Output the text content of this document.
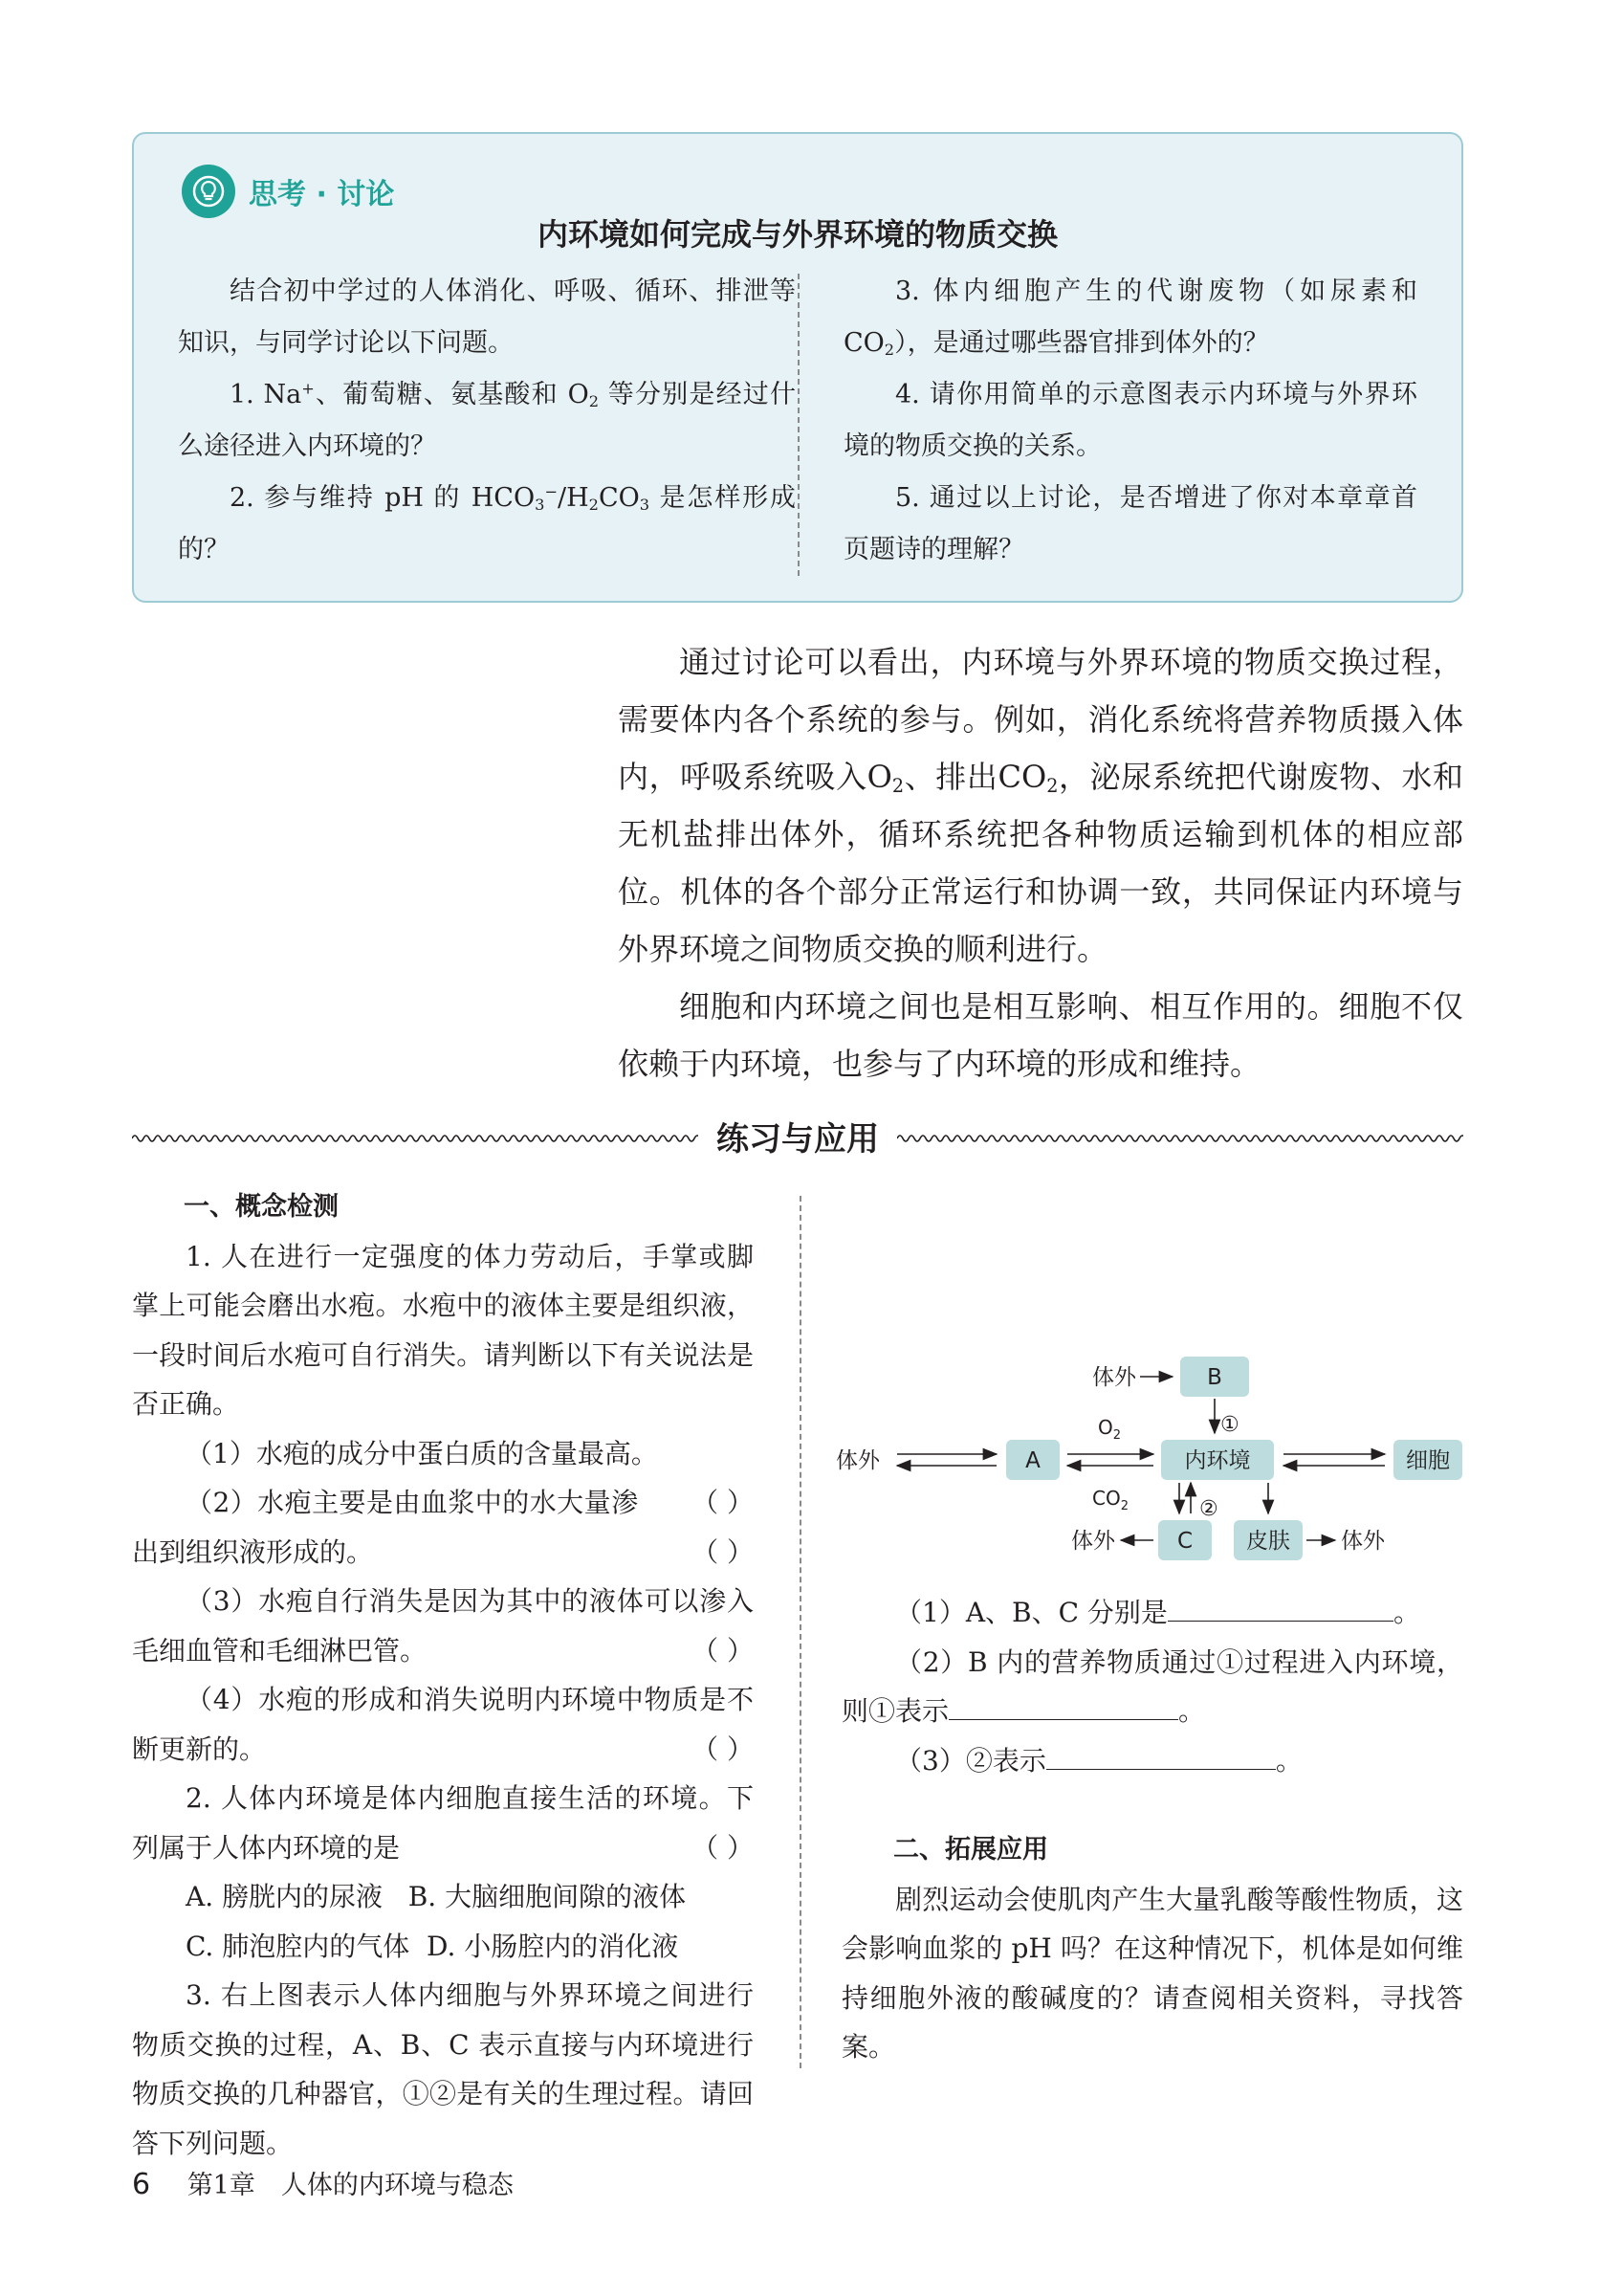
思考 · 讨论
内环境如何完成与外界环境的物质交换

结合初中学过的人体消化、呼吸、循环、排泄等知识，与同学讨论以下问题。

1. Na+、葡萄糖、氨基酸和 $O_2$ 等分别是经过什么途径进入内环境的？

2. 参与维持 pH 的 $HCO_3^-/H_2CO_3$ 是怎样形成的？

3. 体内细胞产生的代谢废物（如尿素和 $CO_2$），是通过哪些器官排到体外的？

4. 请你用简单的示意图表示内环境与外界环境的物质交换的关系。

5. 通过以上讨论，是否增进了你对本章章首页题诗的理解？

通过讨论可以看出，内环境与外界环境的物质交换过程，需要体内各个系统的参与。例如，消化系统将营养物质摄入体内，呼吸系统吸入$O_2$、排出$CO_2$，泌尿系统把代谢废物、水和无机盐排出体外，循环系统把各种物质运输到机体的相应部位。机体的各个部分正常运行和协调一致，共同保证内环境与外界环境之间物质交换的顺利进行。

细胞和内环境之间也是相互影响、相互作用的。细胞不仅依赖于内环境，也参与了内环境的形成和维持。

练习与应用

一、概念检测

1. 人在进行一定强度的体力劳动后，手掌或脚掌上可能会磨出水疱。水疱中的液体主要是组织液，一段时间后水疱可自行消失。请判断以下有关说法是否正确。

（1）水疱的成分中蛋白质的含量最高。
（ ）

（2）水疱主要是由血浆中的水大量渗出到组织液形成的。	（ ）

（3）水疱自行消失是因为其中的液体可以渗入毛细血管和毛细淋巴管。	（ ）

（4）水疱的形成和消失说明内环境中物质是不断更新的。	（ ）

2. 人体内环境是体内细胞直接生活的环境。下列属于人体内环境的是	（ ）

A. 膀胱内的尿液 B. 大脑细胞间隙的液体

C. 肺泡腔内的气体 D. 小肠腔内的消化液

3. 右上图表示人体内细胞与外界环境之间进行物质交换的过程，A、B、C 表示直接与内环境进行物质交换的几种器官，①②是有关的生理过程。请回答下列问题。

B
A	内环境	细胞
C 皮肤
体外
体外
体外	体外
$O_2$
$CO_2$
①
②

（1）A、B、C 分别是	。

（2）B 内的营养物质通过①过程进入内环境，则①表示	。

（3）②表示	。

二、拓展应用

剧烈运动会使肌肉产生大量乳酸等酸性物质，这会影响血浆的 pH 吗？在这种情况下，机体是如何维持细胞外液的酸碱度的？请查阅相关资料，寻找答案。

6 第1章　人体的内环境与稳态
